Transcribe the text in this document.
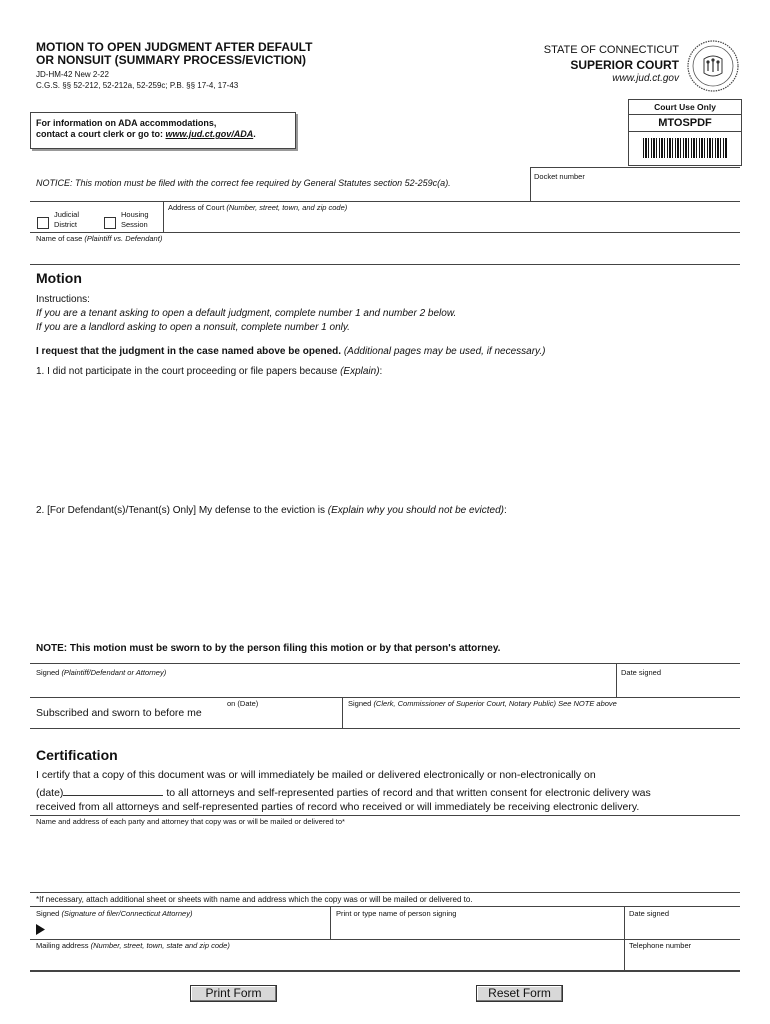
MOTION TO OPEN JUDGMENT AFTER DEFAULT
OR NONSUIT (SUMMARY PROCESS/EVICTION)
JD-HM-42 New 2-22
C.G.S. §§ 52-212, 52-212a, 52-259c; P.B. §§ 17-4, 17-43
STATE OF CONNECTICUT
SUPERIOR COURT
www.jud.ct.gov
For information on ADA accommodations,
contact a court clerk or go to: www.jud.ct.gov/ADA.
Court Use Only
MTOSPDF
NOTICE: This motion must be filed with the correct fee required by General Statutes section 52-259c(a).
Docket number
Judicial
District
Housing
Session
Address of Court (Number, street, town, and zip code)
Name of case (Plaintiff vs. Defendant)
Motion
Instructions:
If you are a tenant asking to open a default judgment, complete number 1 and number 2 below.
If you are a landlord asking to open a nonsuit, complete number 1 only.
I request that the judgment in the case named above be opened. (Additional pages may be used, if necessary.)
1. I did not participate in the court proceeding or file papers because (Explain):
2. [For Defendant(s)/Tenant(s) Only] My defense to the eviction is (Explain why you should not be evicted):
NOTE: This motion must be sworn to by the person filing this motion or by that person's attorney.
Signed (Plaintiff/Defendant or Attorney)	Date signed
Subscribed and sworn to before me
on (Date)	Signed (Clerk, Commissioner of Superior Court, Notary Public) See NOTE above
Certification
I certify that a copy of this document was or will immediately be mailed or delivered electronically or non-electronically on
(date)	to all attorneys and self-represented parties of record and that written consent for electronic delivery was
received from all attorneys and self-represented parties of record who received or will immediately be receiving electronic delivery.
Name and address of each party and attorney that copy was or will be mailed or delivered to*
*If necessary, attach additional sheet or sheets with name and address which the copy was or will be mailed or delivered to.
Signed (Signature of filer/Connecticut Attorney)	Print or type name of person signing	Date signed
Mailing address (Number, street, town, state and zip code)	Telephone number
Print Form	Reset Form
